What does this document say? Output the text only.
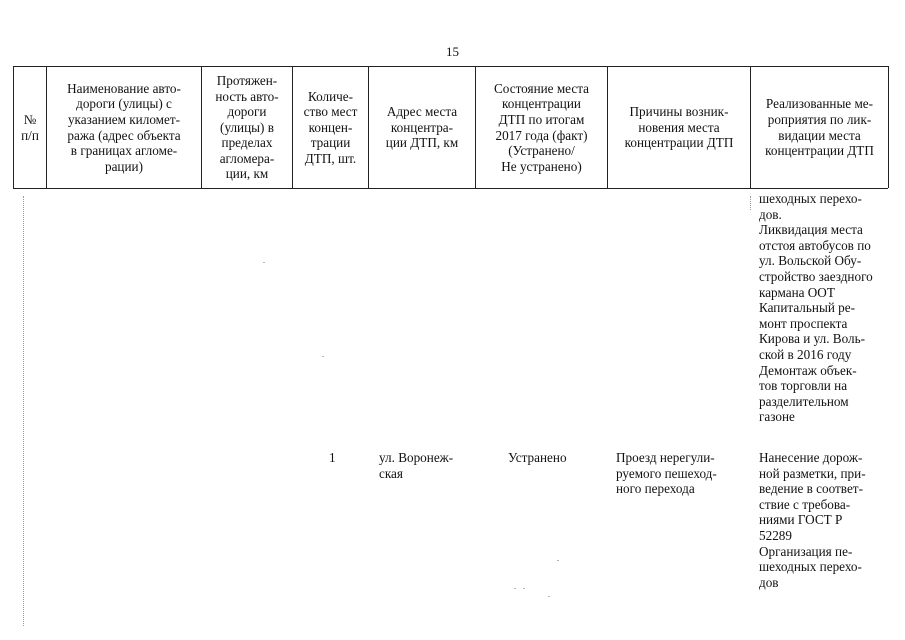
15
№
п/п
Наименование авто-
дороги (улицы) с
указанием километ-
ража (адрес объекта
в границах агломе-
рации)
Протяжен-
ность авто-
дороги
(улицы) в
пределах
агломера-
ции, км
Количе-
ство мест
концен-
трации
ДТП, шт.
Адрес места
концентра-
ции ДТП, км
Состояние места
концентрации
ДТП по итогам
2017 года (факт)
(Устранено/
Не устранено)
Причины возник-
новения места
концентрации ДТП
Реализованные ме-
роприятия по лик-
видации места
концентрации ДТП
шеходных перехо-
дов.
Ликвидация места
отстоя автобусов по
ул. Вольской Обу-
стройство заездного
кармана ООТ
Капитальный ре-
монт проспекта
Кирова и ул. Воль-
ской в 2016 году
Демонтаж объек-
тов торговли на
разделительном
газоне
1	ул. Воронеж-
ская
Устранено	Проезд нерегули-
руемого пешеход-
ного перехода
Нанесение дорож-
ной разметки, при-
ведение в соответ-
ствие с требова-
ниями ГОСТ Р
52289
Организация пе-
шеходных перехо-
дов
